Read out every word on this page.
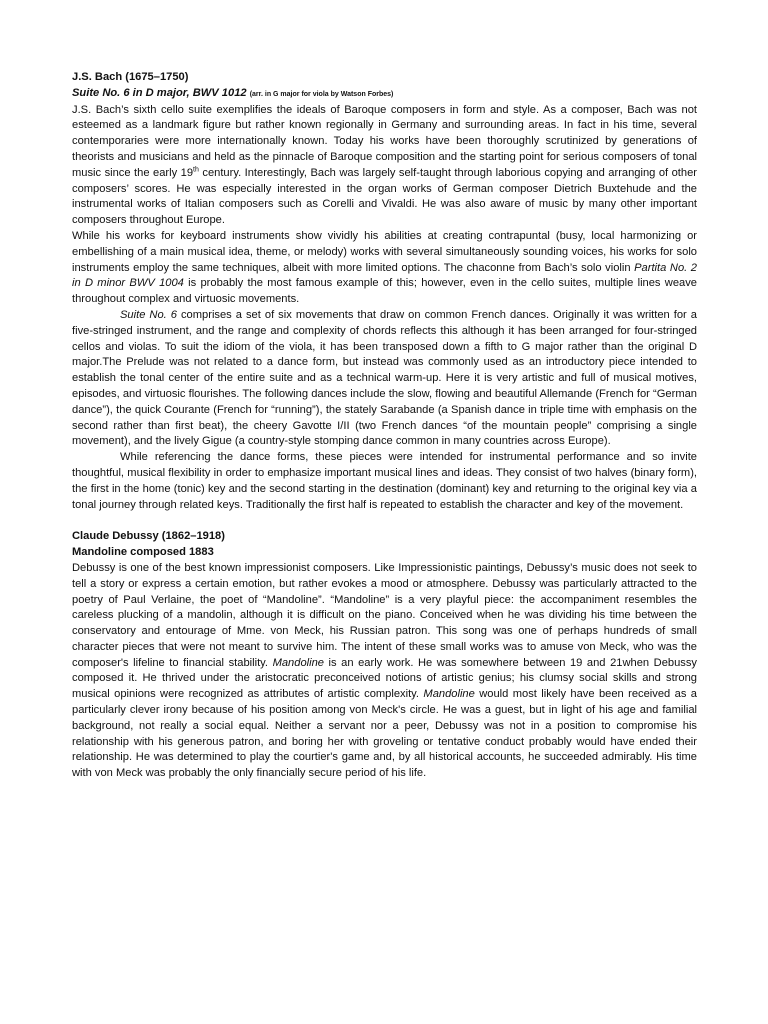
J.S. Bach (1675–1750)
Suite No. 6 in D major, BWV 1012 (arr. in G major for viola by Watson Forbes)

J.S. Bach’s sixth cello suite exemplifies the ideals of Baroque composers in form and style. As a composer, Bach was not esteemed as a landmark figure but rather known regionally in Germany and surrounding areas. In fact in his time, several contemporaries were more internationally known. Today his works have been thoroughly scrutinized by generations of theorists and musicians and held as the pinnacle of Baroque composition and the starting point for serious composers of tonal music since the early 19th century. Interestingly, Bach was largely self-taught through laborious copying and arranging of other composers’ scores. He was especially interested in the organ works of German composer Dietrich Buxtehude and the instrumental works of Italian composers such as Corelli and Vivaldi. He was also aware of music by many other important composers throughout Europe.

While his works for keyboard instruments show vividly his abilities at creating contrapuntal (busy, local harmonizing or embellishing of a main musical idea, theme, or melody) works with several simultaneously sounding voices, his works for solo instruments employ the same techniques, albeit with more limited options. The chaconne from Bach’s solo violin Partita No. 2 in D minor BWV 1004 is probably the most famous example of this; however, even in the cello suites, multiple lines weave throughout complex and virtuosic movements.

Suite No. 6 comprises a set of six movements that draw on common French dances. Originally it was written for a five-stringed instrument, and the range and complexity of chords reflects this although it has been arranged for four-stringed cellos and violas. To suit the idiom of the viola, it has been transposed down a fifth to G major rather than the original D major.The Prelude was not related to a dance form, but instead was commonly used as an introductory piece intended to establish the tonal center of the entire suite and as a technical warm-up. Here it is very artistic and full of musical motives, episodes, and virtuosic flourishes. The following dances include the slow, flowing and beautiful Allemande (French for “German dance”), the quick Courante (French for “running”), the stately Sarabande (a Spanish dance in triple time with emphasis on the second rather than first beat), the cheery Gavotte I/II (two French dances “of the mountain people” comprising a single movement), and the lively Gigue (a country-style stomping dance common in many countries across Europe).

While referencing the dance forms, these pieces were intended for instrumental performance and so invite thoughtful, musical flexibility in order to emphasize important musical lines and ideas. They consist of two halves (binary form), the first in the home (tonic) key and the second starting in the destination (dominant) key and returning to the original key via a tonal journey through related keys. Traditionally the first half is repeated to establish the character and key of the movement.

Claude Debussy (1862–1918)
Mandoline composed 1883

Debussy is one of the best known impressionist composers. Like Impressionistic paintings, Debussy’s music does not seek to tell a story or express a certain emotion, but rather evokes a mood or atmosphere. Debussy was particularly attracted to the poetry of Paul Verlaine, the poet of “Mandoline”. “Mandoline” is a very playful piece: the accompaniment resembles the careless plucking of a mandolin, although it is difficult on the piano. Conceived when he was dividing his time between the conservatory and entourage of Mme. von Meck, his Russian patron. This song was one of perhaps hundreds of small character pieces that were not meant to survive him. The intent of these small works was to amuse von Meck, who was the composer's lifeline to financial stability. Mandoline is an early work. He was somewhere between 19 and 21when Debussy composed it. He thrived under the aristocratic preconceived notions of artistic genius; his clumsy social skills and strong musical opinions were recognized as attributes of artistic complexity. Mandoline would most likely have been received as a particularly clever irony because of his position among von Meck's circle. He was a guest, but in light of his age and familial background, not really a social equal. Neither a servant nor a peer, Debussy was not in a position to compromise his relationship with his generous patron, and boring her with groveling or tentative conduct probably would have ended their relationship. He was determined to play the courtier's game and, by all historical accounts, he succeeded admirably. His time with von Meck was probably the only financially secure period of his life.
